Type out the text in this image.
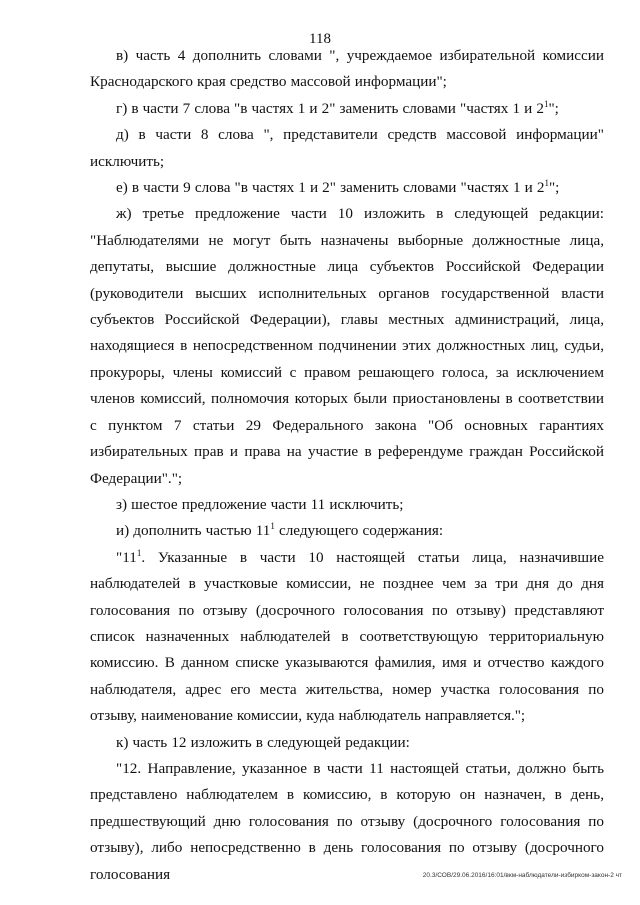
118

в) часть 4 дополнить словами ", учреждаемое избирательной комиссии Краснодарского края средство массовой информации";

г) в части 7 слова "в частях 1 и 2" заменить словами "частях 1 и $2^1$";

д) в части 8 слова ", представители средств массовой информации" исключить;

е) в части 9 слова "в частях 1 и 2" заменить словами "частях 1 и $2^1$";

ж) третье предложение части 10 изложить в следующей редакции: "Наблюдателями не могут быть назначены выборные должностные лица, депутаты, высшие должностные лица субъектов Российской Федерации (руководители высших исполнительных органов государственной власти субъектов Российской Федерации), главы местных администраций, лица, находящиеся в непосредственном подчинении этих должностных лиц, судьи, прокуроры, члены комиссий с правом решающего голоса, за исключением членов комиссий, полномочия которых были приостановлены в соответствии с пунктом 7 статьи 29 Федерального закона "Об основных гарантиях избирательных прав и права на участие в референдуме граждан Российской Федерации".";

з) шестое предложение части 11 исключить;

и) дополнить частью $11^1$ следующего содержания:

"$11^1$. Указанные в части 10 настоящей статьи лица, назначившие наблюдателей в участковые комиссии, не позднее чем за три дня до дня голосования по отзыву (досрочного голосования по отзыву) представляют список назначенных наблюдателей в соответствующую территориальную комиссию. В данном списке указываются фамилия, имя и отчество каждого наблюдателя, адрес его места жительства, номер участка голосования по отзыву, наименование комиссии, куда наблюдатель направляется.";

к) часть 12 изложить в следующей редакции:

"12. Направление, указанное в части 11 настоящей статьи, должно быть представлено наблюдателем в комиссию, в которую он назначен, в день, предшествующий дню голосования по отзыву (досрочного голосования по отзыву), либо непосредственно в день голосования по отзыву (досрочного голосования	20.3/СОВ/29.06.2016/16:01/вкм-наблюдатели-избирком-закон-2 чт
